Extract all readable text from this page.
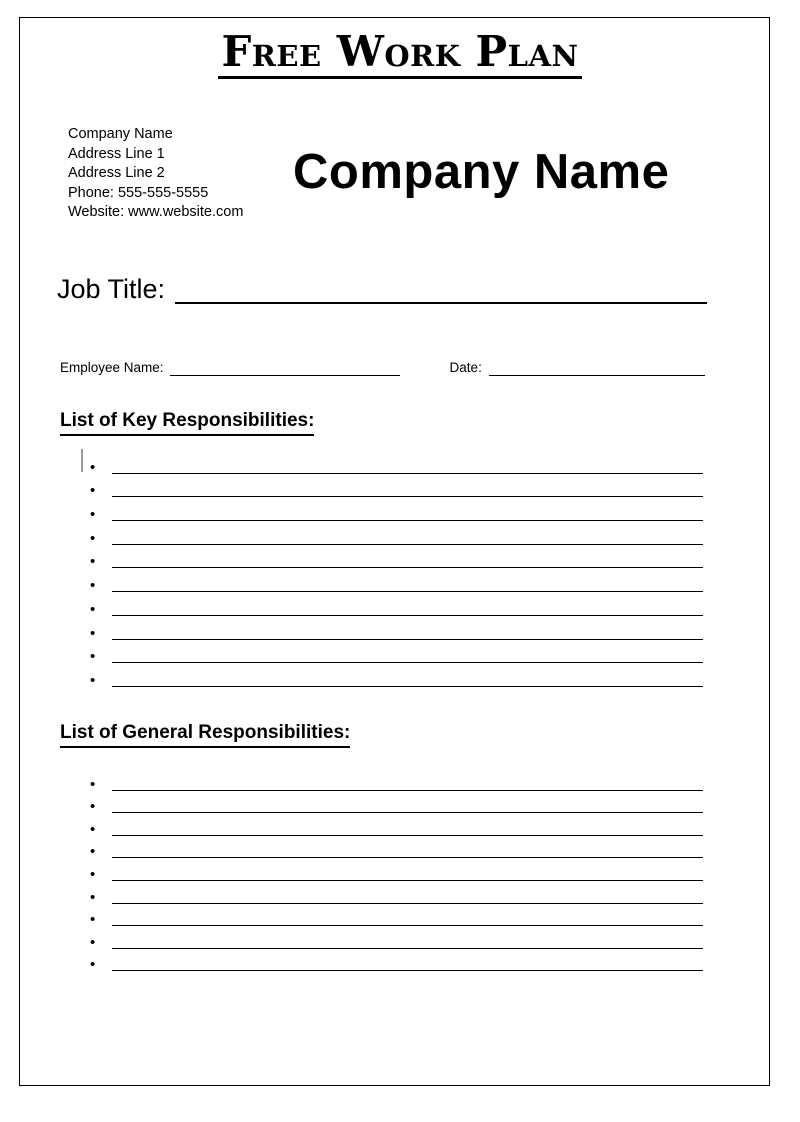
Free Work Plan
Company Name
Address Line 1
Address Line 2
Phone: 555-555-5555
Website: www.website.com
Company Name
Job Title:
Employee Name:	Date:
List of Key Responsibilities:
•
•
•
•
•
•
•
•
•
•
List of General Responsibilities:
•
•
•
•
•
•
•
•
•
